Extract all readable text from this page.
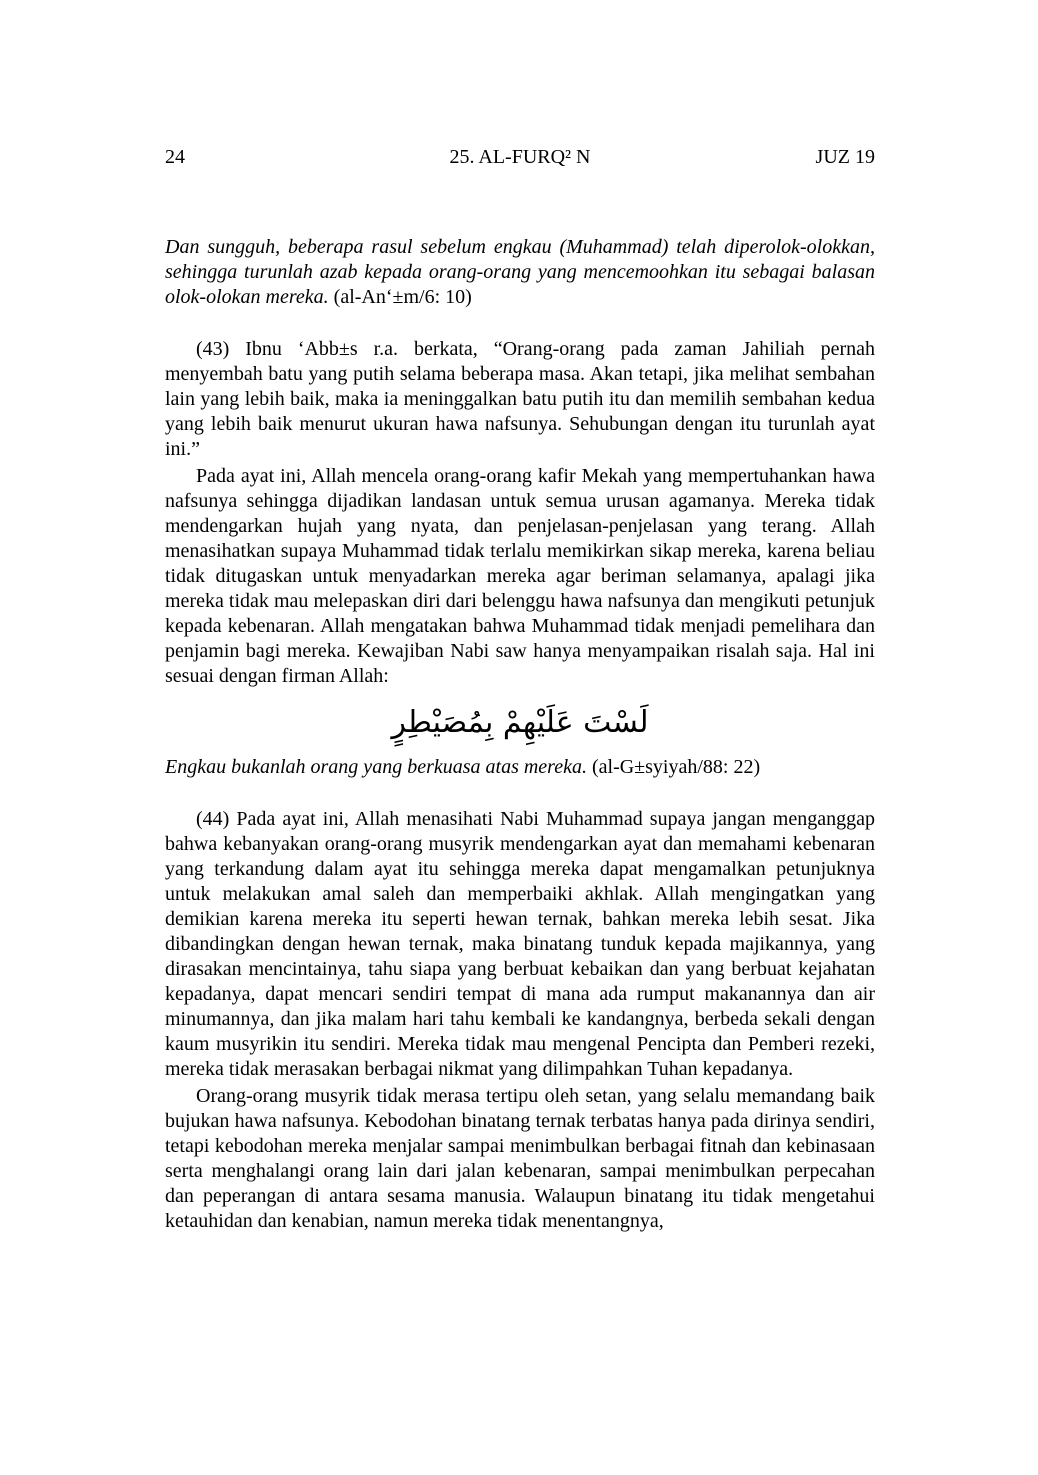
24	25. AL-FURQ² N	JUZ 19

Dan sungguh, beberapa rasul sebelum engkau (Muhammad) telah diperolok-olokkan, sehingga turunlah azab kepada orang-orang yang mencemoohkan itu sebagai balasan olok-olokan mereka. (al-An‘±m/6: 10)

(43) Ibnu ‘Abb±s r.a. berkata, “Orang-orang pada zaman Jahiliah pernah menyembah batu yang putih selama beberapa masa. Akan tetapi, jika melihat sembahan lain yang lebih baik, maka ia meninggalkan batu putih itu dan memilih sembahan kedua yang lebih baik menurut ukuran hawa nafsunya. Sehubungan dengan itu turunlah ayat ini.”

Pada ayat ini, Allah mencela orang-orang kafir Mekah yang mempertuhankan hawa nafsunya sehingga dijadikan landasan untuk semua urusan agamanya. Mereka tidak mendengarkan hujah yang nyata, dan penjelasan-penjelasan yang terang. Allah menasihatkan supaya Muhammad tidak terlalu memikirkan sikap mereka, karena beliau tidak ditugaskan untuk menyadarkan mereka agar beriman selamanya, apalagi jika mereka tidak mau melepaskan diri dari belenggu hawa nafsunya dan mengikuti petunjuk kepada kebenaran. Allah mengatakan bahwa Muhammad tidak menjadi pemelihara dan penjamin bagi mereka. Kewajiban Nabi saw hanya menyampaikan risalah saja. Hal ini sesuai dengan firman Allah:

لَسْتَ عَلَيْهِمْ بِمُصَيْطِرٍ

Engkau bukanlah orang yang berkuasa atas mereka. (al-G±syiyah/88: 22)

(44) Pada ayat ini, Allah menasihati Nabi Muhammad supaya jangan menganggap bahwa kebanyakan orang-orang musyrik mendengarkan ayat dan memahami kebenaran yang terkandung dalam ayat itu sehingga mereka dapat mengamalkan petunjuknya untuk melakukan amal saleh dan memperbaiki akhlak. Allah mengingatkan yang demikian karena mereka itu seperti hewan ternak, bahkan mereka lebih sesat. Jika dibandingkan dengan hewan ternak, maka binatang tunduk kepada majikannya, yang dirasakan mencintainya, tahu siapa yang berbuat kebaikan dan yang berbuat kejahatan kepadanya, dapat mencari sendiri tempat di mana ada rumput makanannya dan air minumannya, dan jika malam hari tahu kembali ke kandangnya, berbeda sekali dengan kaum musyrikin itu sendiri. Mereka tidak mau mengenal Pencipta dan Pemberi rezeki, mereka tidak merasakan berbagai nikmat yang dilimpahkan Tuhan kepadanya.

Orang-orang musyrik tidak merasa tertipu oleh setan, yang selalu memandang baik bujukan hawa nafsunya. Kebodohan binatang ternak terbatas hanya pada dirinya sendiri, tetapi kebodohan mereka menjalar sampai menimbulkan berbagai fitnah dan kebinasaan serta menghalangi orang lain dari jalan kebenaran, sampai menimbulkan perpecahan dan peperangan di antara sesama manusia. Walaupun binatang itu tidak mengetahui ketauhidan dan kenabian, namun mereka tidak menentangnya,
